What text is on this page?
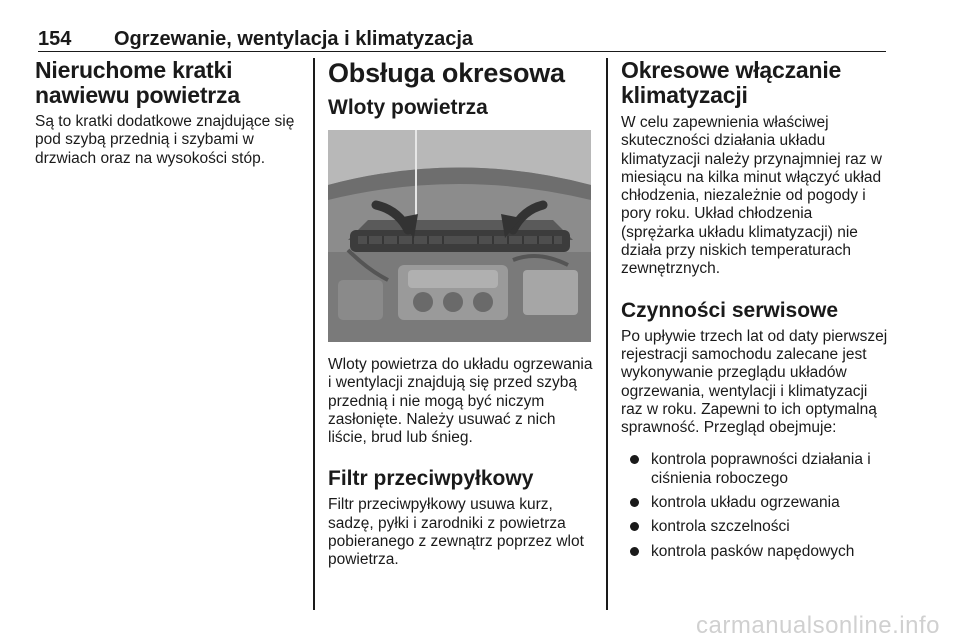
154 Ogrzewanie, wentylacja i klimatyzacja
Nieruchome kratki nawiewu powietrza

Są to kratki dodatkowe znajdujące się pod szybą przednią i szybami w drzwiach oraz na wysokości stóp.

Obsługa okresowa
Wloty powietrza

Wloty powietrza do układu ogrzewania i wentylacji znajdują się przed szybą przednią i nie mogą być niczym zasłonięte. Należy usuwać z nich liście, brud lub śnieg.

Filtr przeciwpyłkowy

Filtr przeciwpyłkowy usuwa kurz, sadzę, pyłki i zarodniki z powietrza pobieranego z zewnątrz poprzez wlot powietrza.

Okresowe włączanie klimatyzacji

W celu zapewnienia właściwej skuteczności działania układu klimatyzacji należy przynajmniej raz w miesiącu na kilka minut włączyć układ chłodzenia, niezależnie od pogody i pory roku. Układ chłodzenia (sprężarka układu klimatyzacji) nie działa przy niskich temperaturach zewnętrznych.

Czynności serwisowe

Po upływie trzech lat od daty pierwszej rejestracji samochodu zalecane jest wykonywanie przeglądu układów ogrzewania, wentylacji i klimatyzacji raz w roku. Zapewni to ich optymalną sprawność. Przegląd obejmuje:

kontrola poprawności działania i ciśnienia roboczego
kontrola układu ogrzewania
kontrola szczelności
kontrola pasków napędowych
carmanualsonline.info
